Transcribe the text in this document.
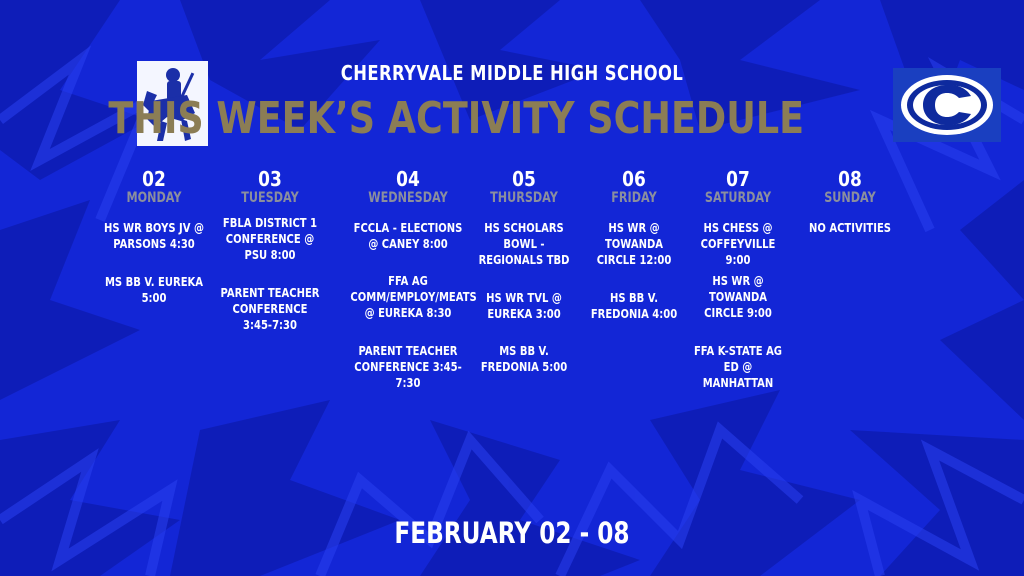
CHERRYVALE MIDDLE HIGH SCHOOL
THIS WEEK’S ACTIVITY SCHEDULE
02
MONDAY
03
TUESDAY
04
WEDNESDAY
05
THURSDAY
06
FRIDAY
07
SATURDAY
08
SUNDAY
HS WR BOYS JV @ PARSONS 4:30
MS BB V. EUREKA 5:00
FBLA DISTRICT 1 CONFERENCE @ PSU 8:00
PARENT TEACHER CONFERENCE 3:45-7:30
FCCLA - ELECTIONS @ CANEY 8:00
FFA AG COMM/EMPLOY/MEATS @ EUREKA 8:30
PARENT TEACHER CONFERENCE 3:45-7:30
HS SCHOLARS BOWL - REGIONALS TBD
HS WR TVL @ EUREKA 3:00
MS BB V. FREDONIA 5:00
HS WR @ TOWANDA CIRCLE 12:00
HS BB V. FREDONIA 4:00
HS CHESS @ COFFEYVILLE 9:00
HS WR @ TOWANDA CIRCLE 9:00
FFA K-STATE AG ED @ MANHATTAN
NO ACTIVITIES
FEBRUARY 02 - 08
